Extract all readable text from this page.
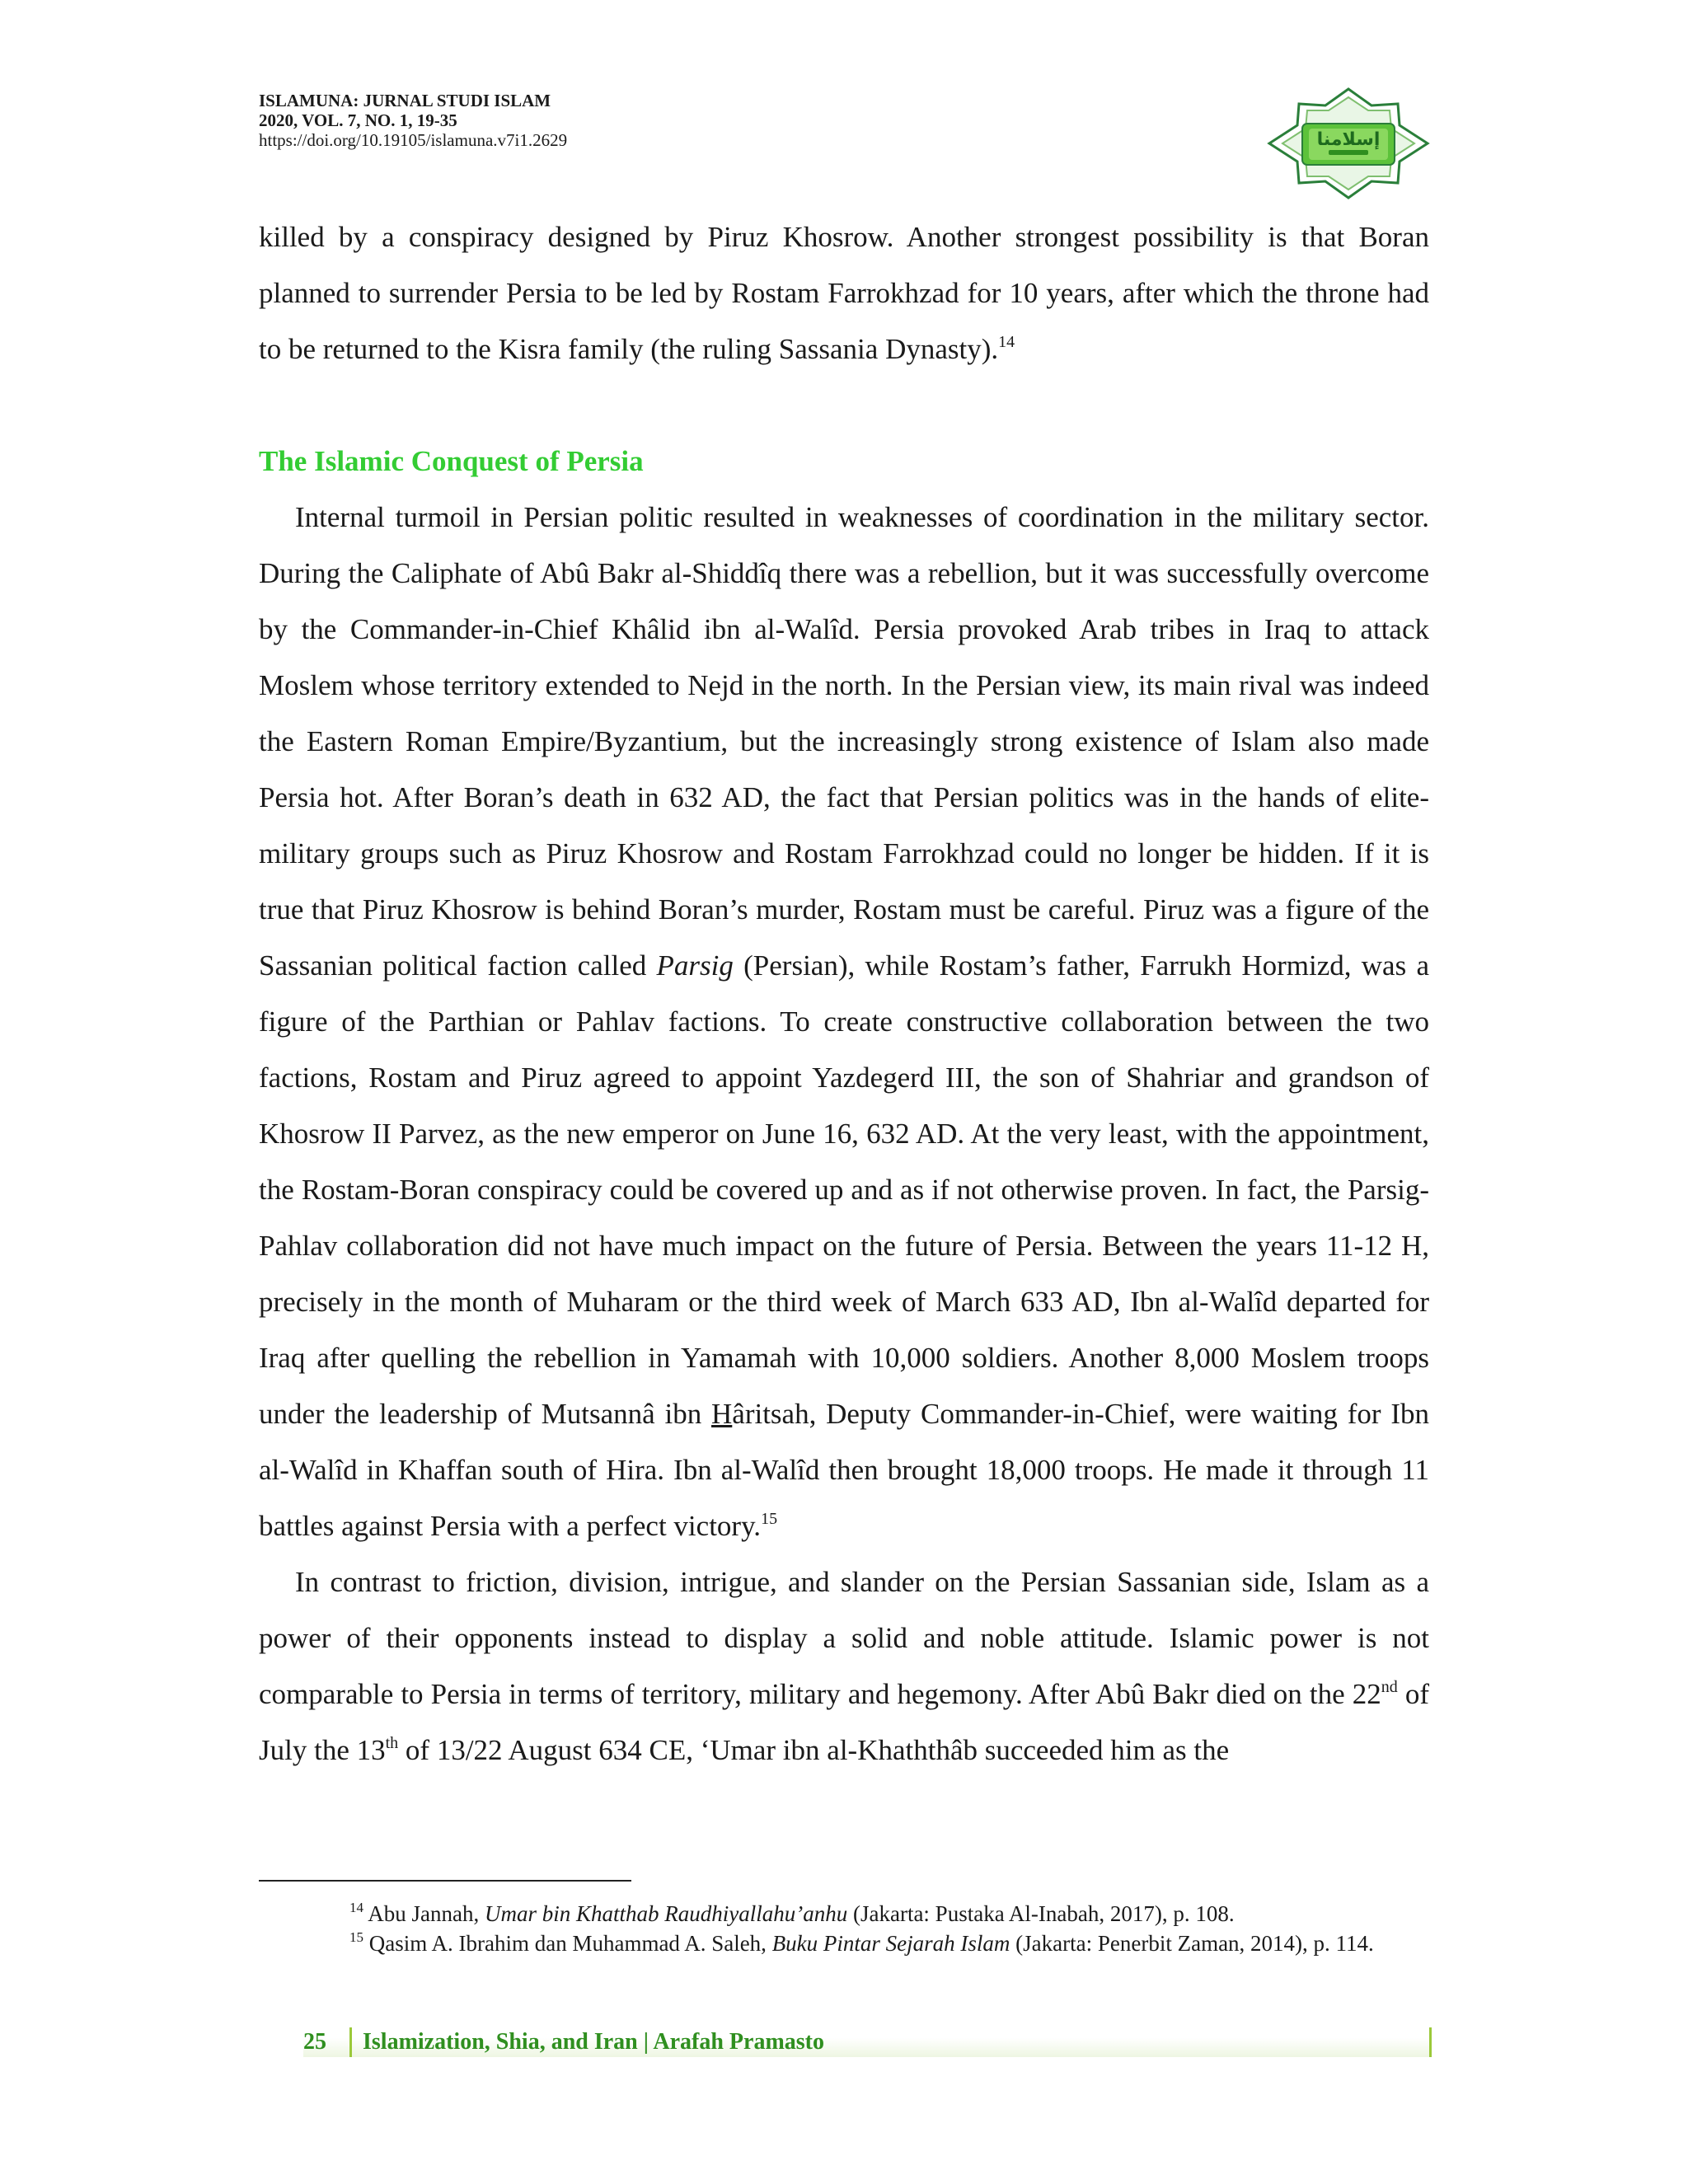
ISLAMUNA: JURNAL STUDI ISLAM
2020, VOL. 7, NO. 1, 19-35
https://doi.org/10.19105/islamuna.v7i1.2629	إسلامنا

killed by a conspiracy designed by Piruz Khosrow. Another strongest possibility is that Boran planned to surrender Persia to be led by Rostam Farrokhzad for 10 years, after which the throne had to be returned to the Kisra family (the ruling Sassania Dynasty).$^{14}$

The Islamic Conquest of Persia

Internal turmoil in Persian politic resulted in weaknesses of coordination in the military sector. During the Caliphate of Abû Bakr al-Shiddîq there was a rebellion, but it was successfully overcome by the Commander-in-Chief Khâlid ibn al-Walîd. Persia provoked Arab tribes in Iraq to attack Moslem whose territory extended to Nejd in the north. In the Persian view, its main rival was indeed the Eastern Roman Empire/Byzantium, but the increasingly strong existence of Islam also made Persia hot. After Boran’s death in 632 AD, the fact that Persian politics was in the hands of elite-military groups such as Piruz Khosrow and Rostam Farrokhzad could no longer be hidden. If it is true that Piruz Khosrow is behind Boran’s murder, Rostam must be careful. Piruz was a figure of the Sassanian political faction called Parsig (Persian), while Rostam’s father, Farrukh Hormizd, was a figure of the Parthian or Pahlav factions. To create constructive collaboration between the two factions, Rostam and Piruz agreed to appoint Yazdegerd III, the son of Shahriar and grandson of Khosrow II Parvez, as the new emperor on June 16, 632 AD. At the very least, with the appointment, the Rostam-Boran conspiracy could be covered up and as if not otherwise proven. In fact, the Parsig-Pahlav collaboration did not have much impact on the future of Persia. Between the years 11-12 H, precisely in the month of Muharam or the third week of March 633 AD, Ibn al-Walîd departed for Iraq after quelling the rebellion in Yamamah with 10,000 soldiers. Another 8,000 Moslem troops under the leadership of Mutsannâ ibn Hâritsah, Deputy Commander-in-Chief, were waiting for Ibn al-Walîd in Khaffan south of Hira. Ibn al-Walîd then brought 18,000 troops. He made it through 11 battles against Persia with a perfect victory.$^{15}$

In contrast to friction, division, intrigue, and slander on the Persian Sassanian side, Islam as a power of their opponents instead to display a solid and noble attitude. Islamic power is not comparable to Persia in terms of territory, military and hegemony. After Abû Bakr died on the 22nd of July the 13th of 13/22 August 634 CE, ‘Umar ibn al-Khaththâb succeeded him as the

$^{14}$ Abu Jannah, Umar bin Khatthab Raudhiyallahu’anhu (Jakarta: Pustaka Al-Inabah, 2017), p. 108.

$^{15}$ Qasim A. Ibrahim dan Muhammad A. Saleh, Buku Pintar Sejarah Islam (Jakarta: Penerbit Zaman, 2014), p. 114.

25 Islamization, Shia, and Iran | Arafah Pramasto
